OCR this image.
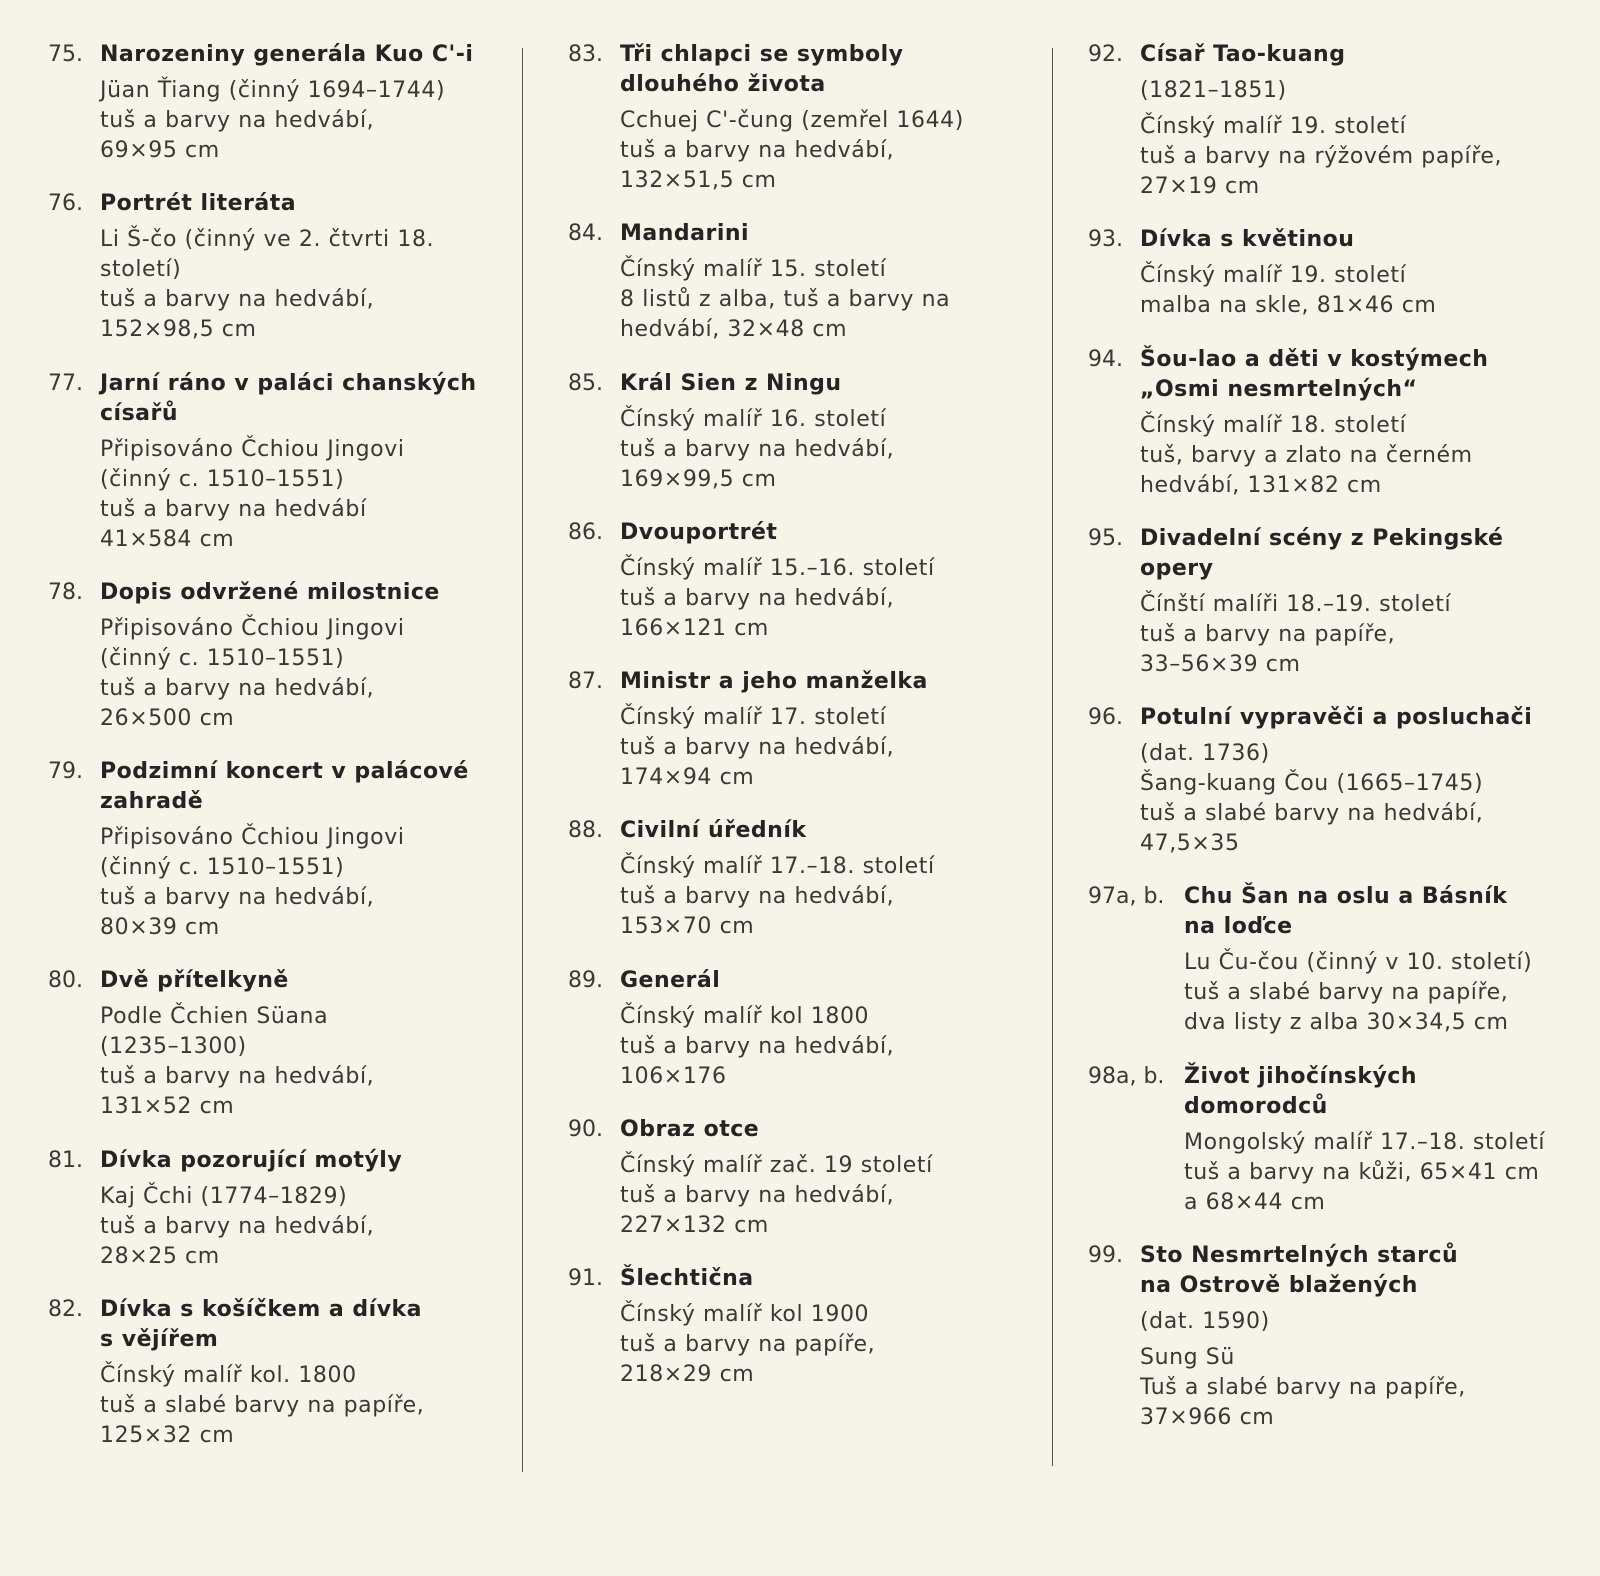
75. Narozeniny generála Kuo C'-i
Jüan Ťiang (činný 1694–1744)
tuš a barvy na hedvábí,
69×95 cm
76. Portrét literáta
Li Š-čo (činný ve 2. čtvrti 18.
století)
tuš a barvy na hedvábí,
152×98,5 cm
77. Jarní ráno v paláci chanských
císařů
Připisováno Čchiou Jingovi
(činný c. 1510–1551)
tuš a barvy na hedvábí
41×584 cm
78. Dopis odvržené milostnice
Připisováno Čchiou Jingovi
(činný c. 1510–1551)
tuš a barvy na hedvábí,
26×500 cm
79. Podzimní koncert v palácové
zahradě
Připisováno Čchiou Jingovi
(činný c. 1510–1551)
tuš a barvy na hedvábí,
80×39 cm
80. Dvě přítelkyně
Podle Čchien Süana
(1235–1300)
tuš a barvy na hedvábí,
131×52 cm
81. Dívka pozorující motýly
Kaj Čchi (1774–1829)
tuš a barvy na hedvábí,
28×25 cm
82. Dívka s košíčkem a dívka
s vějířem
Čínský malíř kol. 1800
tuš a slabé barvy na papíře,
125×32 cm
83. Tři chlapci se symboly
dlouhého života
Cchuej C'-čung (zemřel 1644)
tuš a barvy na hedvábí,
132×51,5 cm
84. Mandarini
Čínský malíř 15. století
8 listů z alba, tuš a barvy na
hedvábí, 32×48 cm
85. Král Sien z Ningu
Čínský malíř 16. století
tuš a barvy na hedvábí,
169×99,5 cm
86. Dvouportrét
Čínský malíř 15.–16. století
tuš a barvy na hedvábí,
166×121 cm
87. Ministr a jeho manželka
Čínský malíř 17. století
tuš a barvy na hedvábí,
174×94 cm
88. Civilní úředník
Čínský malíř 17.–18. století
tuš a barvy na hedvábí,
153×70 cm
89. Generál
Čínský malíř kol 1800
tuš a barvy na hedvábí,
106×176
90. Obraz otce
Čínský malíř zač. 19 století
tuš a barvy na hedvábí,
227×132 cm
91. Šlechtična
Čínský malíř kol 1900
tuš a barvy na papíře,
218×29 cm
92. Císař Tao-kuang
(1821–1851)
Čínský malíř 19. století
tuš a barvy na rýžovém papíře,
27×19 cm
93. Dívka s květinou
Čínský malíř 19. století
malba na skle, 81×46 cm
94. Šou-lao a děti v kostýmech
„Osmi nesmrtelných“
Čínský malíř 18. století
tuš, barvy a zlato na černém
hedvábí, 131×82 cm
95. Divadelní scény z Pekingské
opery
Čínští malíři 18.–19. století
tuš a barvy na papíře,
33–56×39 cm
96. Potulní vypravěči a posluchači
(dat. 1736)
Šang-kuang Čou (1665–1745)
tuš a slabé barvy na hedvábí,
47,5×35
97a, b. Chu Šan na oslu a Básník
na loďce
Lu Ču-čou (činný v 10. století)
tuš a slabé barvy na papíře,
dva listy z alba 30×34,5 cm
98a, b. Život jihočínských
domorodců
Mongolský malíř 17.–18. století
tuš a barvy na kůži, 65×41 cm
a 68×44 cm
99. Sto Nesmrtelných starců
na Ostrově blažených
(dat. 1590)
Sung Sü
Tuš a slabé barvy na papíře,
37×966 cm
